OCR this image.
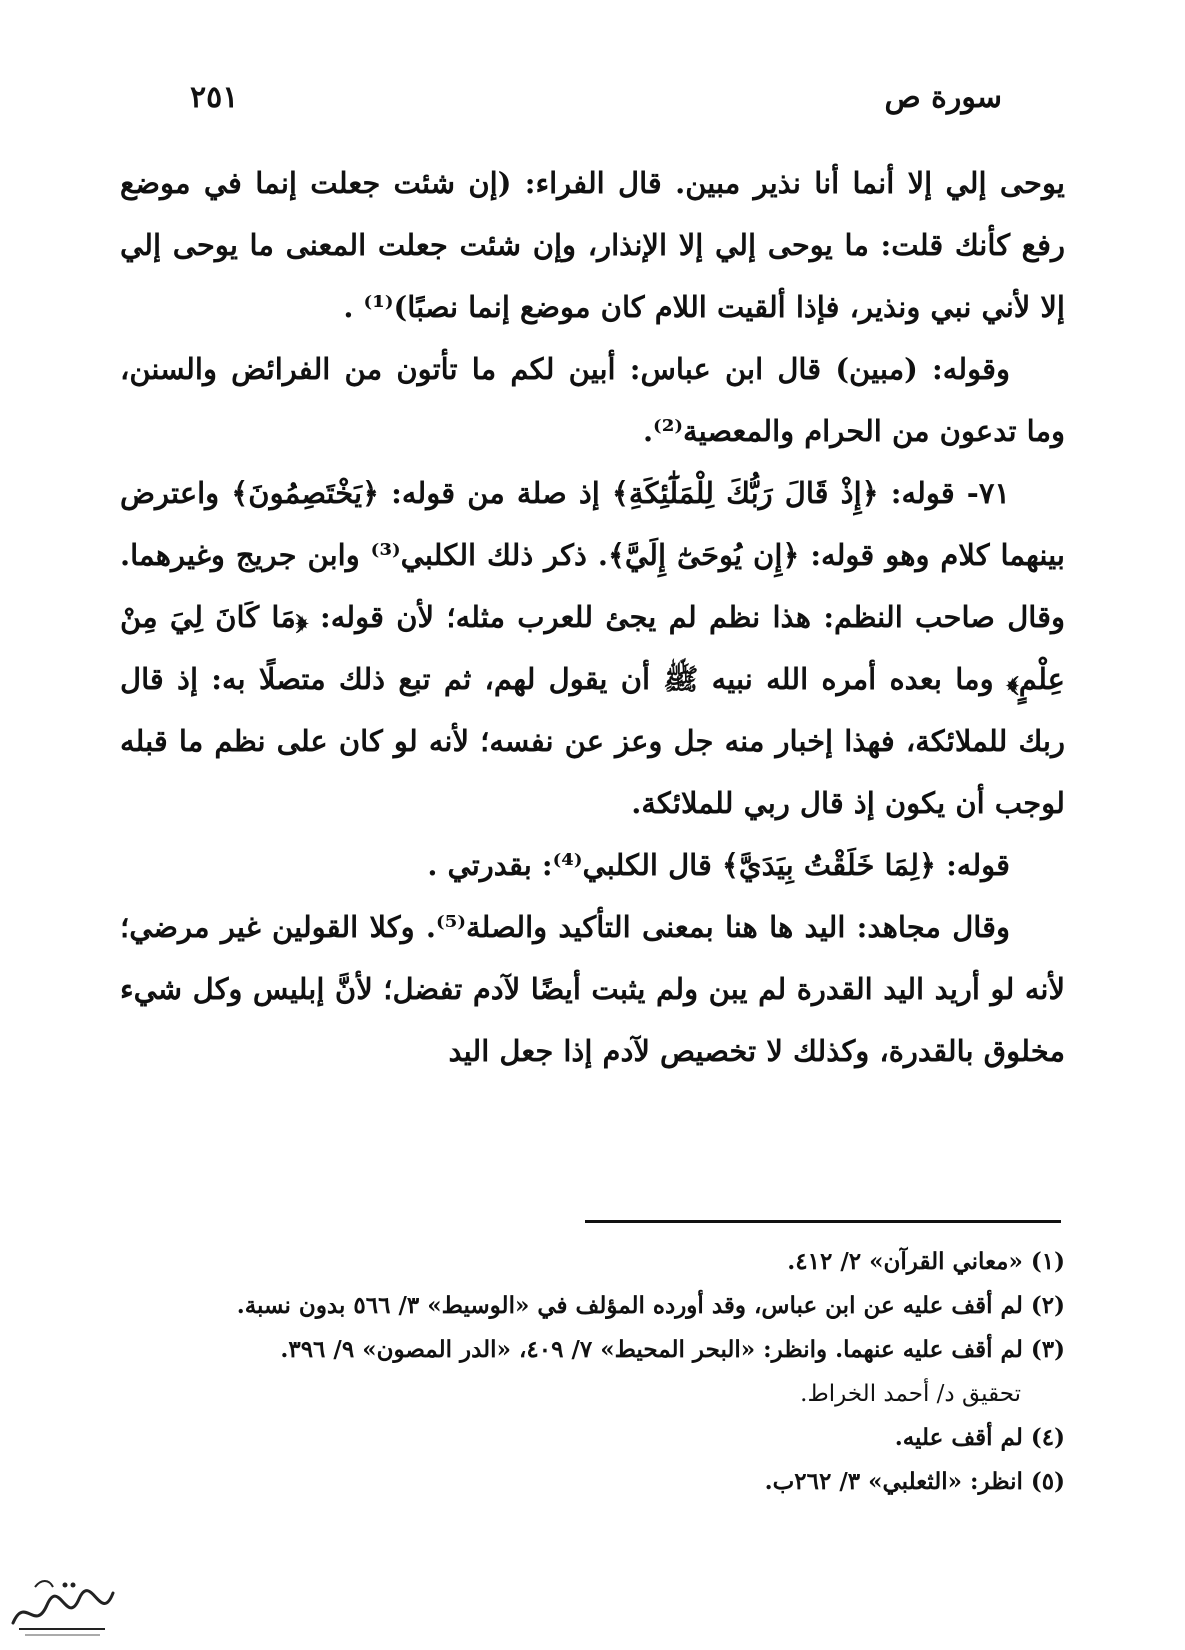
سورة ص
٢٥١

يوحى إلي إلا أنما أنا نذير مبين. قال الفراء: (إن شئت جعلت إنما في موضع رفع كأنك قلت: ما يوحى إلي إلا الإنذار، وإن شئت جعلت المعنى ما يوحى إلي إلا لأني نبي ونذير، فإذا ألقيت اللام كان موضع إنما نصبًا)⁽¹⁾ .

وقوله: (مبين) قال ابن عباس: أبين لكم ما تأتون من الفرائض والسنن، وما تدعون من الحرام والمعصية⁽²⁾.

٧١- قوله: ﴿إِذْ قَالَ رَبُّكَ لِلْمَلَٰٓئِكَةِ﴾ إذ صلة من قوله: ﴿يَخْتَصِمُونَ﴾ واعترض بينهما كلام وهو قوله: ﴿إِن يُوحَىٰٓ إِلَيَّ﴾. ذكر ذلك الكلبي⁽³⁾ وابن جريج وغيرهما. وقال صاحب النظم: هذا نظم لم يجئ للعرب مثله؛ لأن قوله: ﴿مَا كَانَ لِيَ مِنْ عِلْمٍ﴾ وما بعده أمره الله نبيه ﷺ أن يقول لهم، ثم تبع ذلك متصلًا به: إذ قال ربك للملائكة، فهذا إخبار منه جل وعز عن نفسه؛ لأنه لو كان على نظم ما قبله لوجب أن يكون إذ قال ربي للملائكة.

قوله: ﴿لِمَا خَلَقْتُ بِيَدَيَّ﴾ قال الكلبي⁽⁴⁾: بقدرتي .

وقال مجاهد: اليد ها هنا بمعنى التأكيد والصلة⁽⁵⁾. وكلا القولين غير مرضي؛ لأنه لو أريد اليد القدرة لم يبن ولم يثبت أيضًا لآدم تفضل؛ لأنَّ إبليس وكل شيء مخلوق بالقدرة، وكذلك لا تخصيص لآدم إذا جعل اليد

(١) «معاني القرآن» ٢/ ٤١٢.
(٢) لم أقف عليه عن ابن عباس، وقد أورده المؤلف في «الوسيط» ٣/ ٥٦٦ بدون نسبة.
(٣) لم أقف عليه عنهما. وانظر: «البحر المحيط» ٧/ ٤٠٩، «الدر المصون» ٩/ ٣٩٦.
تحقيق د/ أحمد الخراط.
(٤) لم أقف عليه.
(٥) انظر: «الثعلبي» ٣/ ٢٦٢ب.
